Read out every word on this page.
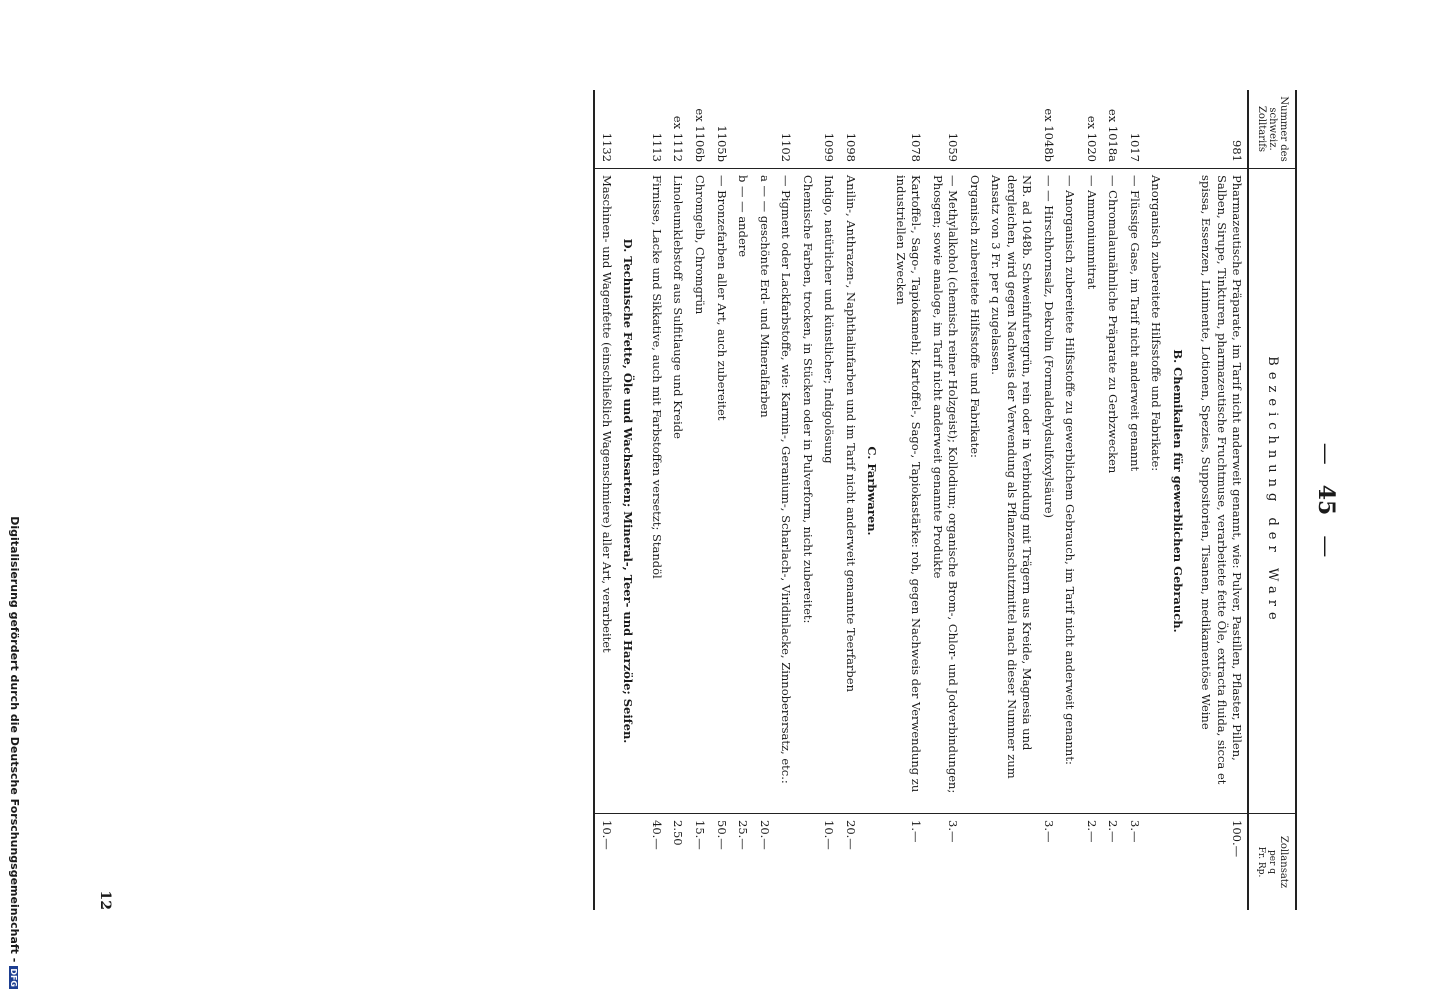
Digitalisierung gefördert durch die Deutsche Forschungsgemeinschaft -DFG
—45—
Nummer des schweiz. Zolltarifs	Bezeichnung der Ware	Zollansatz
per q
Fr. Rp.

981	Pharmazeutische Präparate, im Tarif nicht anderweit genannt, wie: Pulver, Pastillen, Pflaster, Pillen, Salben, Sirupe, Tinkturen, pharmazeutische Fruchtmuse, verarbeitete fette Öle, extracta fluida, sicca et spissa, Essenzen, Linimente, Lotionen, Spezies, Suppositorien, Tisanen, medikamentöse Weine	100.—
	B. Chemikalien für gewerblichen Gebrauch.	
	Anorganisch zubereitete Hilfsstoffe und Fabrikate:	
1017	— Flüssige Gase, im Tarif nicht anderweit genannt	3.—
ex 1018a	— Chromalaunähnliche Präparate zu Gerbzwecken	2.—
ex 1020	— Ammoniumnitrat	2.—
	— Anorganisch zubereitete Hilfsstoffe zu gewerblichem Gebrauch, im Tarif nicht anderweit genannt:	
ex 1048b	— — Hirschhornsalz, Dekrolin (Formaldehydsulfoxylsäure)	3.—
	NB. ad 1048b. Schweinfurtergrün, rein oder in Verbindung mit Trägern aus Kreide, Magnesia und dergleichen, wird gegen Nachweis der Verwendung als Pflanzenschutzmittel nach dieser Nummer zum Ansatz von 3 Fr. per q zugelassen.	
	Organisch zubereitete Hilfsstoffe und Fabrikate:	
1059	— Methylalkohol (chemisch reiner Holzgeist); Kollodium; organische Brom-, Chlor- und Jodverbindungen; Phosgen; sowie analoge, im Tarif nicht anderweit genannte Produkte	3.—
1078	Kartoffel-, Sago-, Tapiokamehl; Kartoffel-, Sago-, Tapiokastärke: roh, gegen Nachweis der Verwendung zu industriellen Zwecken	1.—
	C. Farbwaren.	
1098	Anilin-, Anthrazen-, Naphthalinfarben und im Tarif nicht anderweit genannte Teerfarben	20.—
1099	Indigo, natürlicher und künstlicher; Indigolösung	10.—
	Chemische Farben, trocken, in Stücken oder in Pulverform, nicht zubereitet:	
1102	— Pigment oder Lackfarbstoffe, wie: Karmin-, Geranium-, Scharlach-, Viridinlacke, Zinnoberersatz, etc.:	
	a — — geschönte Erd- und Mineralfarben	20.—
	b — — andere	25.—
1105b	— Bronzefarben aller Art, auch zubereitet	50.—
ex 1106b	Chromgelb, Chromgrün	15.—
ex 1112	Linoleumklebstoff aus Sulfitlauge und Kreide	2.50
1113	Firnisse, Lacke und Sikkative, auch mit Farbstoffen versetzt; Standöl	40.—
	D. Technische Fette, Öle und Wachsarten; Mineral-, Teer- und Harzöle; Seifen.	
1132	Maschinen- und Wagenfette (einschließlich Wagenschmiere) aller Art, verarbeitet	10.—
12
